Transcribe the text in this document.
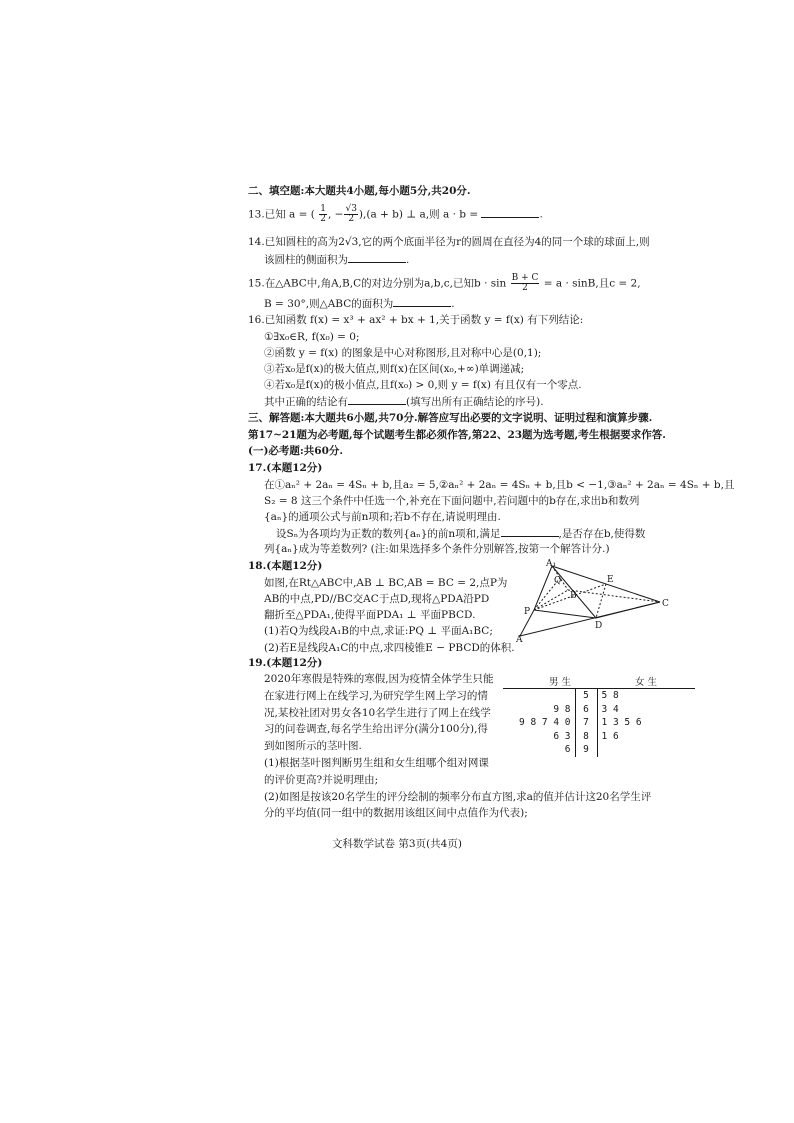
二、填空题:本大题共4小题,每小题5分,共20分.
13.已知 a = ( $\frac{1}{2}$ , − $\frac{√3}{2} ),(a + b)$ ⊥ a,则 a · b =	.
14.已知圆柱的高为2√3,它的两个底面半径为r的圆周在直径为4的同一个球的球面上,则
该圆柱的侧面积为	.
15.在△ABC中,角A,B,C的对边分别为a,b,c,已知$b \cdot \sin \frac{B + C}{2} = a \cdot \sin B$,且c = 2,
B = 30°,则△ABC的面积为	.
16.已知函数 f(x) = x³ + ax² + bx + 1,关于函数 y = f(x) 有下列结论:
①∃x₀∈R, f(x₀) = 0;
②函数 y = f(x) 的图象是中心对称图形,且对称中心是(0,1);
③若x₀是f(x)的极大值点,则f(x)在区间(x₀,+∞)单调递减;
④若x₀是f(x)的极小值点,且f(x₀) > 0,则 y = f(x) 有且仅有一个零点.
其中正确的结论有	(填写出所有正确结论的序号).
三、解答题:本大题共6小题,共70分.解答应写出必要的文字说明、证明过程和演算步骤.
第17~21题为必考题,每个试题考生都必须作答,第22、23题为选考题,考生根据要求作答.
(一)必考题:共60分.
17.(本题12分)
在①aₙ² + 2aₙ = 4Sₙ + b,且a₂ = 5,②aₙ² + 2aₙ = 4Sₙ + b,且b < −1,③aₙ² + 2aₙ = 4Sₙ + b,且
S₂ = 8 这三个条件中任选一个,补充在下面问题中,若问题中的b存在,求出b和数列
{aₙ}的通项公式与前n项和;若b不存在,请说明理由.
设Sₙ为各项均为正数的数列{aₙ}的前n项和,满足	,是否存在b,使得数
列{aₙ}成为等差数列? (注:如果选择多个条件分别解答,按第一个解答计分.)
18.(本题12分)
如图,在Rt△ABC中,AB ⊥ BC,AB = BC = 2,点P为
AB的中点,PD//BC交AC于点D,现将△PDA沿PD
翻折至△PDA₁,使得平面PDA₁ ⊥ 平面PBCD.
(1)若Q为线段A₁B的中点,求证:PQ ⊥ 平面A₁BC;
(2)若E是线段A₁C的中点,求四棱锥E − PBCD的体积.
A₁
Q	E
B
P
C
D
A
19.(本题12分)
2020年寒假是特殊的寒假,因为疫情全体学生只能
在家进行网上在线学习,为研究学生网上学习的情
况,某校社团对男女各10名学生进行了网上在线学
习的问卷调查,每名学生给出评分(满分100分),得
到如图所示的茎叶图.
(1)根据茎叶图判断男生组和女生组哪个组对网课
的评价更高?并说明理由;
(2)如图是按该20名学生的评分绘制的频率分布直方图,求a的值并估计这20名学生评
分的平均值(同一组中的数据用该组区间中点值作为代表);
男 生		女 生
	5	5 8
9 8	6	3 4
9 8 7 4 0	7	1 3 5 6
6 3	8	1 6
6	9	
文科数学试卷 第3页(共4页)
